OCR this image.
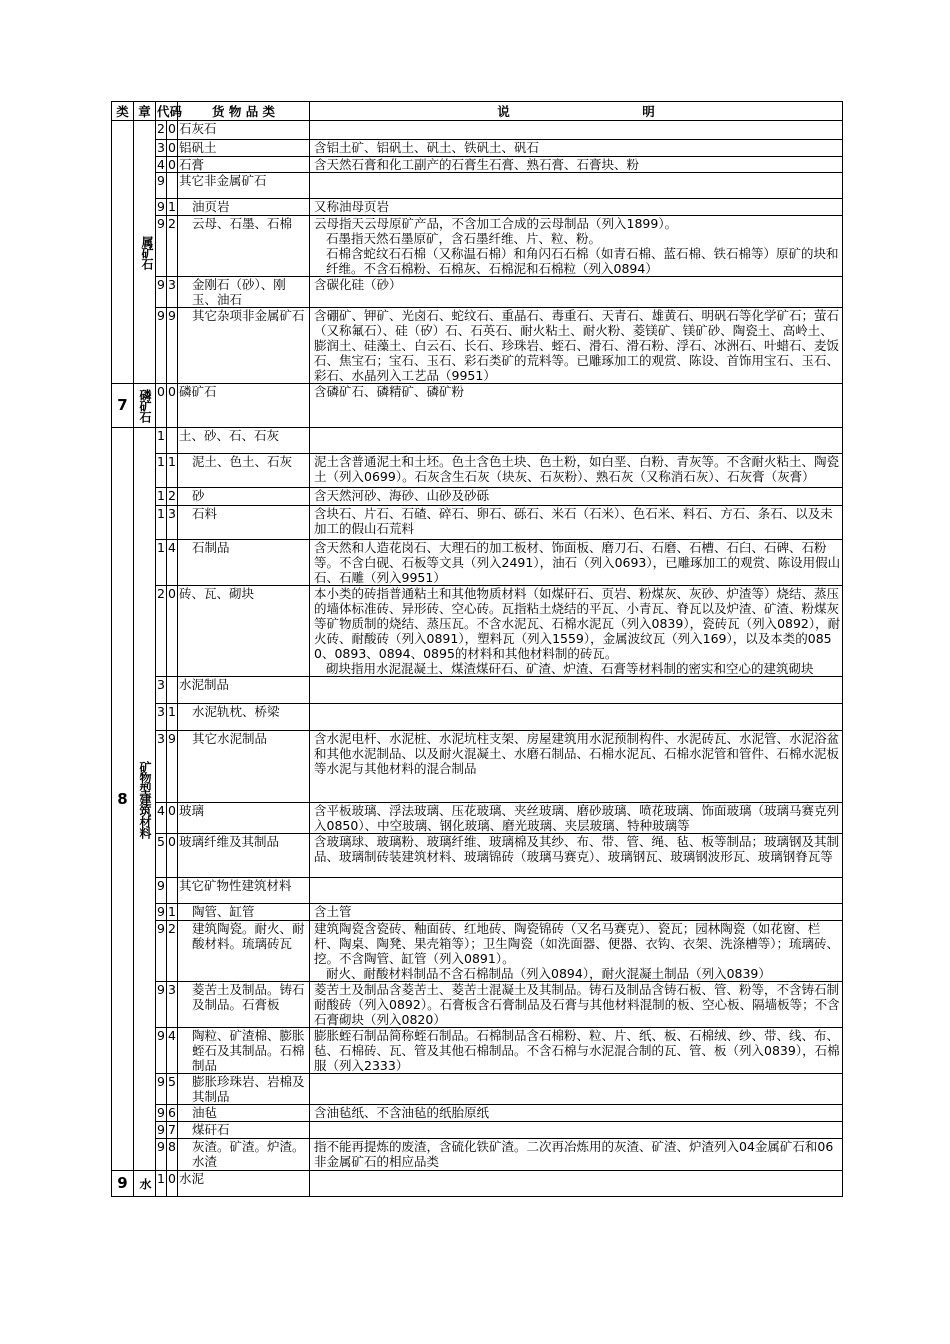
类	章	代码		货 物 品 类	说 明

	属矿石	2	0	石灰石	
		3	0	铝矾土	含铝土矿、铝矾土、矾土、铁矾土、矾石

		4	0	石膏	含天然石膏和化工副产的石膏生石膏、熟石膏、石膏块、粉

		9		其它非金属矿石	
		9	1	油页岩	又称油母页岩

		9	2	云母、石墨、石棉	云母指天云母原矿产品，不含加工合成的云母制品（列入1899）。
石墨指天然石墨原矿，含石墨纤维、片、粒、粉。
石棉含蛇纹石石棉（又称温石棉）和角闪石石棉（如青石棉、蓝石棉、铁石棉等）原矿的块和纤维。不含石棉粉、石棉灰、石棉泥和石棉粒（列入0894）

		9	3	金刚石（砂）、刚玉、油石	含碳化硅（砂）

		9	9	其它杂项非金属矿石	含硼矿、钾矿、光卤石、蛇纹石、重晶石、毒重石、天青石、雄黄石、明矾石等化学矿石；萤石（又称氟石）、硅（矽）石、石英石、耐火粘土、耐火粉、菱镁矿、镁矿砂、陶瓷土、高岭土、膨润土、硅藻土、白云石、长石、珍珠岩、蛭石、滑石、滑石粉、浮石、冰洲石、叶蜡石、麦饭石、焦宝石；宝石、玉石、彩石类矿的荒料等。已雕琢加工的观赏、陈设、首饰用宝石、玉石、彩石、水晶列入工艺品（9951）

7	磷矿石	0	0	磷矿石	含磷矿石、磷精矿、磷矿粉

8	矿物型建筑材料	1		土、砂、石、石灰	
		1	1	泥土、色土、石灰	泥土含普通泥土和土坯。色土含色土块、色土粉，如白垩、白粉、青灰等。不含耐火粘土、陶瓷土（列入0699）。石灰含生石灰（块灰、石灰粉）、熟石灰（又称消石灰）、石灰膏（灰膏）

		1	2	砂	含天然河砂、海砂、山砂及砂砾

		1	3	石料	含块石、片石、石碴、碎石、卵石、砾石、米石（石米）、色石米、料石、方石、条石、以及未加工的假山石荒料

		1	4	石制品	含天然和人造花岗石、大理石的加工板材、饰面板、磨刀石、石磨、石槽、石臼、石碑、石粉等。不含白砚、石板等文具（列入2491），油石（列入0693），已雕琢加工的观赏、陈设用假山石、石雕（列入9951）

		2	0	砖、瓦、砌块	本小类的砖指普通粘土和其他物质材料（如煤矸石、页岩、粉煤灰、灰砂、炉渣等）烧结、蒸压的墙体标准砖、异形砖、空心砖。瓦指粘土烧结的平瓦、小青瓦、脊瓦以及炉渣、矿渣、粉煤灰等矿物质制的烧结、蒸压瓦。不含水泥瓦、石棉水泥瓦（列入0839），瓷砖瓦（列入0892），耐火砖、耐酸砖（列入0891），塑料瓦（列入1559），金属波纹瓦（列入169），以及本类的0850、0893、0894、0895的材料和其他材料制的砖瓦。
砌块指用水泥混凝土、煤渣煤矸石、矿渣、炉渣、石膏等材料制的密实和空心的建筑砌块

		3		水泥制品	
		3	1	水泥轨枕、桥梁	
		3	9	其它水泥制品	含水泥电杆、水泥桩、水泥坑柱支架、房屋建筑用水泥预制构件、水泥砖瓦、水泥管、水泥浴盆和其他水泥制品、以及耐火混凝土、水磨石制品、石棉水泥瓦、石棉水泥管和管件、石棉水泥板等水泥与其他材料的混合制品

		4	0	玻璃	含平板玻璃、浮法玻璃、压花玻璃、夹丝玻璃、磨砂玻璃、喷花玻璃、饰面玻璃（玻璃马赛克列入0850）、中空玻璃、钢化玻璃、磨光玻璃、夹层玻璃、特种玻璃等

		5	0	玻璃纤维及其制品	含玻璃球、玻璃粉、玻璃纤维、玻璃棉及其纱、布、带、管、绳、毡、板等制品；玻璃钢及其制品、玻璃制砖装建筑材料、玻璃锦砖（玻璃马赛克）、玻璃钢瓦、玻璃钢波形瓦、玻璃钢脊瓦等

		9		其它矿物性建筑材料	
		9	1	陶管、缸管	含土管

		9	2	建筑陶瓷。耐火、耐酸材料。琉璃砖瓦	建筑陶瓷含瓷砖、釉面砖、红地砖、陶瓷锦砖（又名马赛克）、瓷瓦；园林陶瓷（如花窗、栏杆、陶桌、陶凳、果壳箱等）；卫生陶瓷（如洗面器、便器、衣钩、衣架、洗涤槽等）；琉璃砖、挖。不含陶管、缸管（列入0891）。
耐火、耐酸材料制品不含石棉制品（列入0894），耐火混凝土制品（列入0839）

		9	3	菱苦土及制品。铸石及制品。石膏板	菱苦土及制品含菱苦土、菱苦土混凝土及其制品。铸石及制品含铸石板、管、粉等，不含铸石制耐酸砖（列入0892）。石膏板含石膏制品及石膏与其他材料混制的板、空心板、隔墙板等；不含石膏砌块（列入0820）

		9	4	陶粒、矿渣棉、膨胀蛭石及其制品。石棉制品	膨胀蛭石制品简称蛭石制品。石棉制品含石棉粉、粒、片、纸、板、石棉绒、纱、带、线、布、毡、石棉砖、瓦、管及其他石棉制品。不含石棉与水泥混合制的瓦、管、板（列入0839），石棉服（列入2333）

		9	5	膨胀珍珠岩、岩棉及其制品	
		9	6	油毡	含油毡纸、不含油毡的纸胎原纸

		9	7	煤矸石	
		9	8	灰渣。矿渣。炉渣。水渣	指不能再提炼的废渣，含硫化铁矿渣。二次再冶炼用的灰渣、矿渣、炉渣列入04金属矿石和06非金属矿石的相应品类

9	水	1	0	水泥	
